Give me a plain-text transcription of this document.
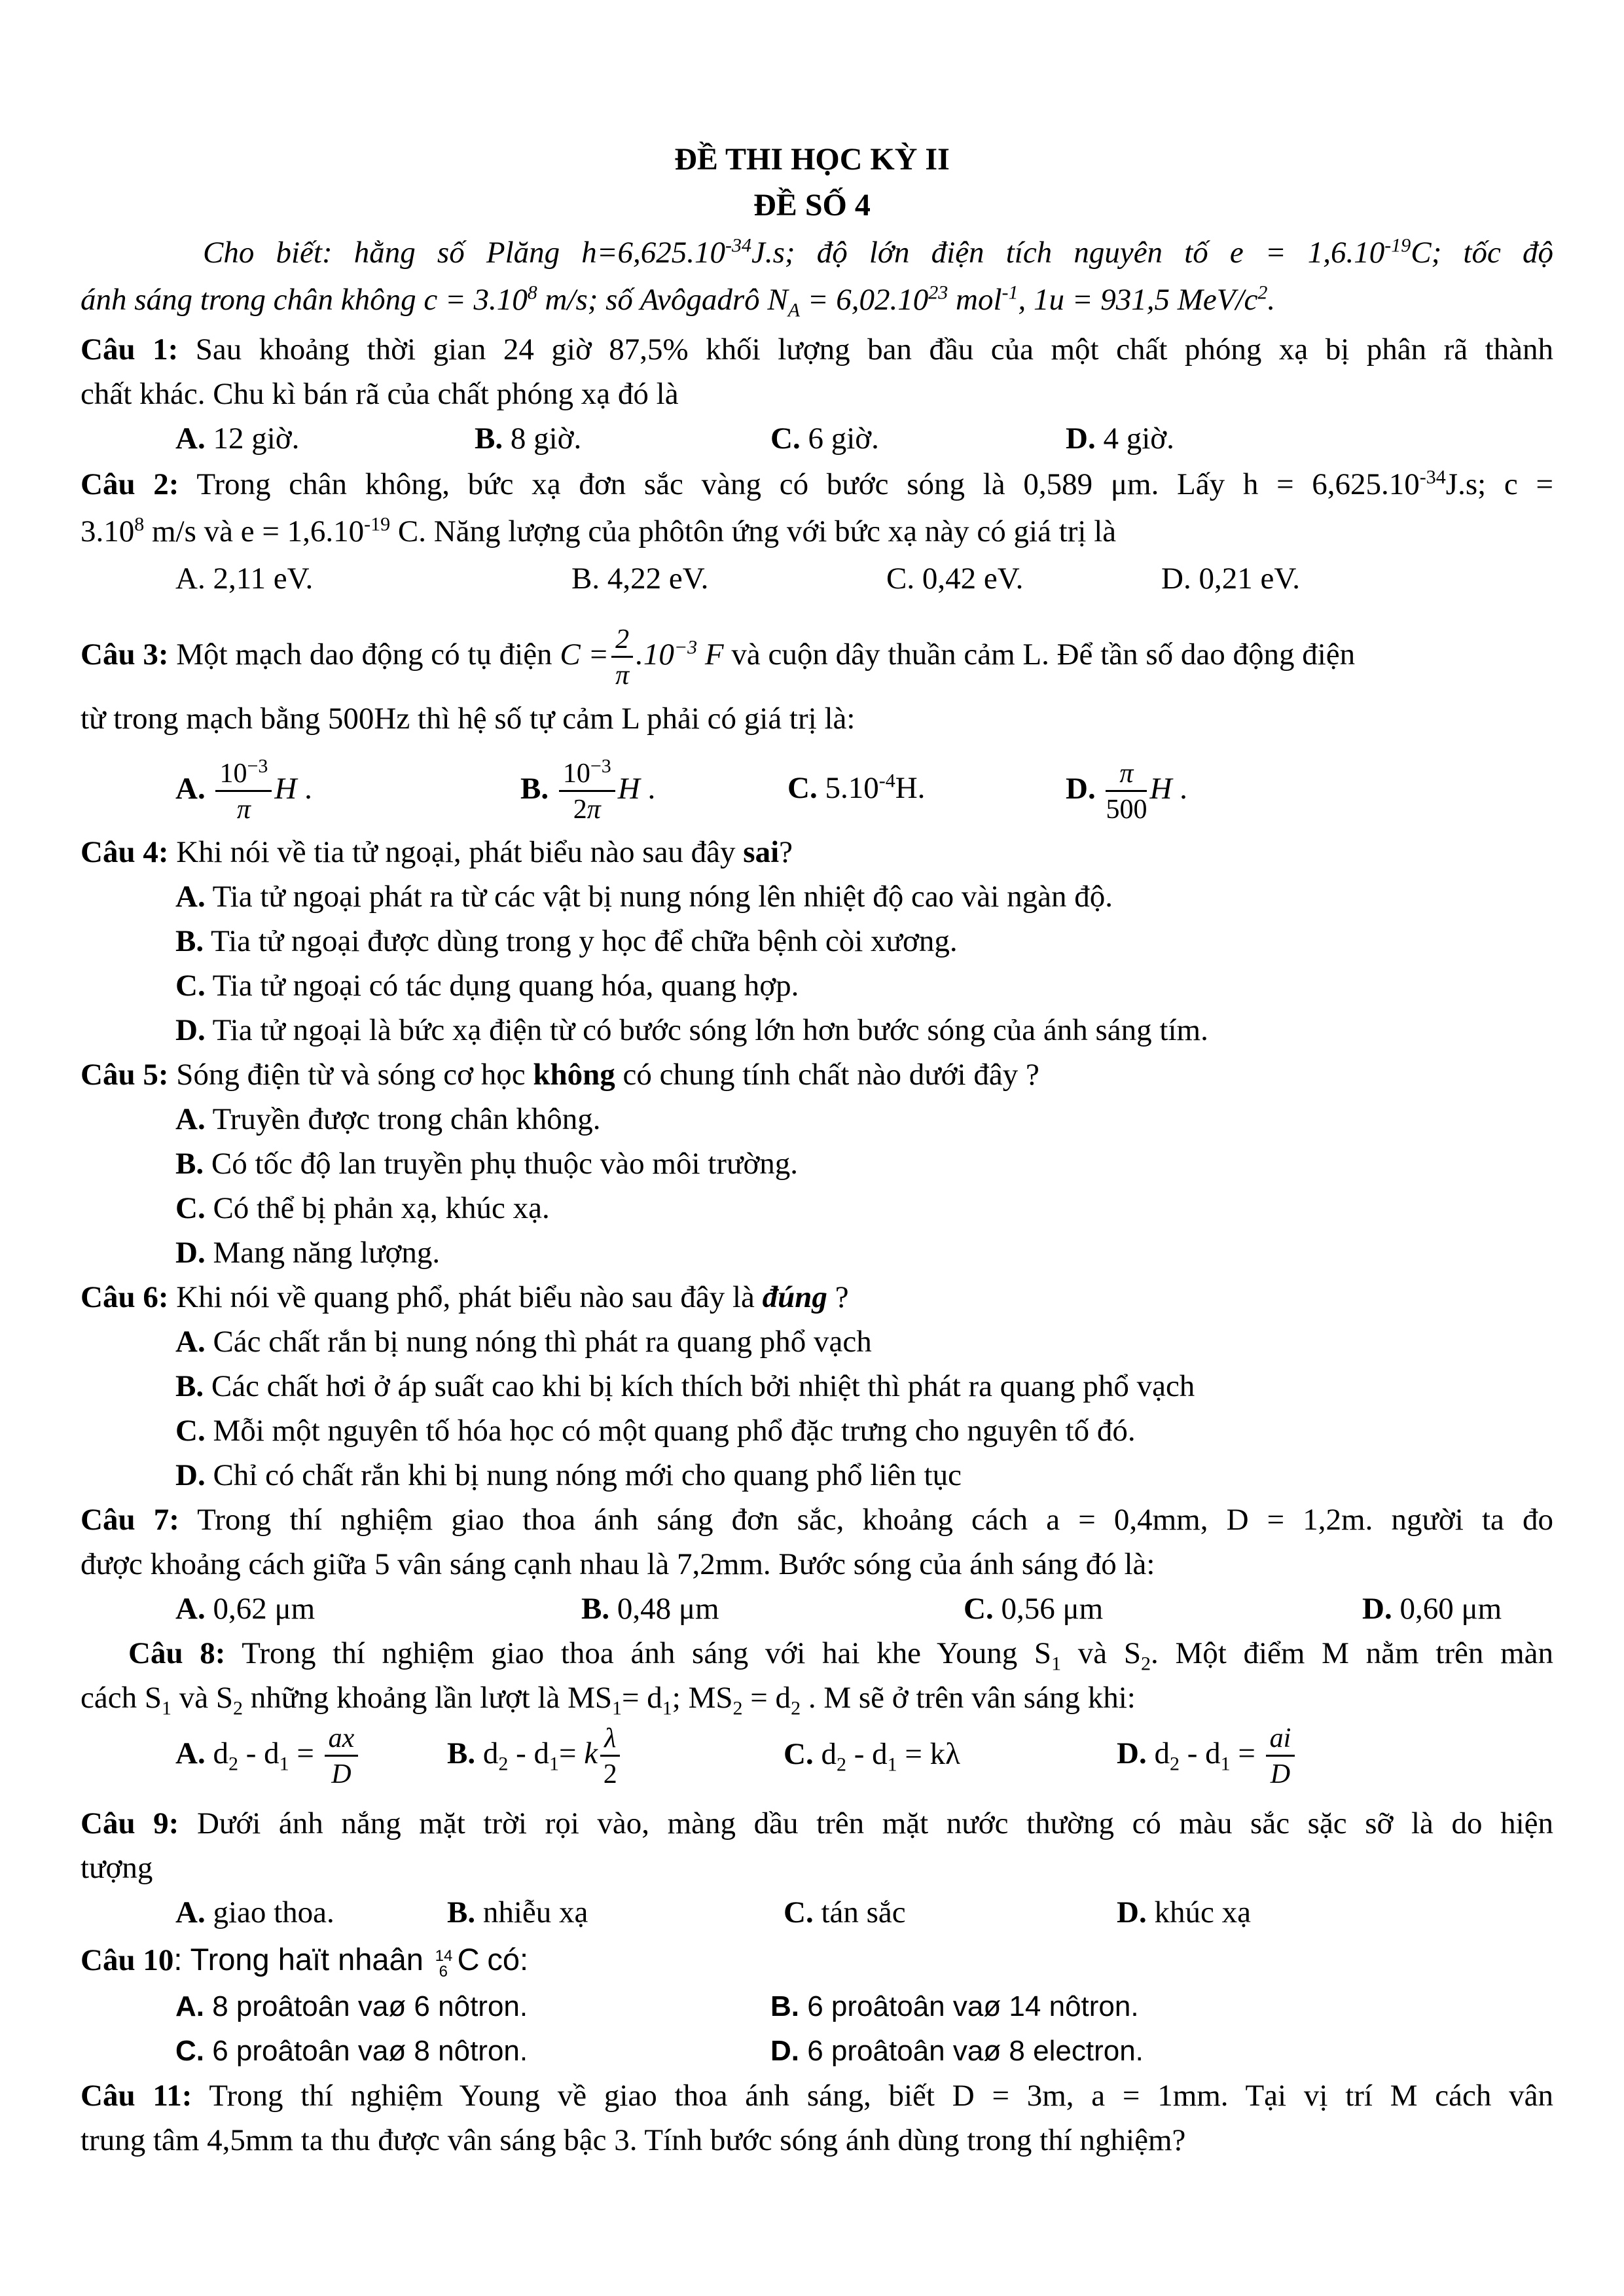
ĐỀ THI HỌC KỲ II
ĐỀ SỐ 4
Cho biết: hằng số Plăng $h=6,625.10^{-34}J.s$; độ lớn điện tích nguyên tố $e = 1,6.10^{-19}C$; tốc độ
ánh sáng trong chân không $c = 3.10^8$ m/s; số Avôgadrô $N_A = 6,02.10^{23}$ mol$^{-1}$, 1u = 931,5 MeV/$c^2$.
Câu 1: Sau khoảng thời gian 24 giờ 87,5% khối lượng ban đầu của một chất phóng xạ bị phân rã thành
chất khác. Chu kì bán rã của chất phóng xạ đó là
A. 12 giờ.	B. 8 giờ.	C. 6 giờ.	D. 4 giờ.
Câu 2: Trong chân không, bức xạ đơn sắc vàng có bước sóng là 0,589 μm. Lấy $h = 6,625.10^{-34}J.s$; c =
$3.10^8$ m/s và $e = 1,6.10^{-19}$ C. Năng lượng của phôtôn ứng với bức xạ này có giá trị là
A. 2,11 eV.	B. 4,22 eV.	C. 0,42 eV.	D. 0,21 eV.
Câu 3: Một mạch dao động có tụ điện $C = \frac{2}{\pi} .10^{-3}$ F và cuộn dây thuần cảm L. Để tần số dao động điện
từ trong mạch bằng 500Hz thì hệ số tự cảm L phải có giá trị là:
A. $\frac{10^{-3}}{\pi}$ H .	B. $\frac{10^{-3}}{2\pi}$ H .	C. $5.10^{-4}H$.	D. $\frac{\pi}{500}$ H .
Câu 4: Khi nói về tia tử ngoại, phát biểu nào sau đây sai?
A. Tia tử ngoại phát ra từ các vật bị nung nóng lên nhiệt độ cao vài ngàn độ.
B. Tia tử ngoại được dùng trong y học để chữa bệnh còi xương.
C. Tia tử ngoại có tác dụng quang hóa, quang hợp.
D. Tia tử ngoại là bức xạ điện từ có bước sóng lớn hơn bước sóng của ánh sáng tím.
Câu 5: Sóng điện từ và sóng cơ học không có chung tính chất nào dưới đây ?
A. Truyền được trong chân không.
B. Có tốc độ lan truyền phụ thuộc vào môi trường.
C. Có thể bị phản xạ, khúc xạ.
D. Mang năng lượng.
Câu 6: Khi nói về quang phổ, phát biểu nào sau đây là đúng ?
A. Các chất rắn bị nung nóng thì phát ra quang phổ vạch
B. Các chất hơi ở áp suất cao khi bị kích thích bởi nhiệt thì phát ra quang phổ vạch
C. Mỗi một nguyên tố hóa học có một quang phổ đặc trưng cho nguyên tố đó.
D. Chỉ có chất rắn khi bị nung nóng mới cho quang phổ liên tục
Câu 7: Trong thí nghiệm giao thoa ánh sáng đơn sắc, khoảng cách a = 0,4mm, D = 1,2m. người ta đo
được khoảng cách giữa 5 vân sáng cạnh nhau là 7,2mm. Bước sóng của ánh sáng đó là:
A. 0,62 μm	B. 0,48 μm	C. 0,56 μm	D. 0,60 μm
Câu 8: Trong thí nghiệm giao thoa ánh sáng với hai khe Young $S_1$ và $S_2$. Một điểm M nằm trên màn
cách $S_1$ và $S_2$ những khoảng lần lượt là $MS_1= d_1$; $MS_2 = d_2$ . M sẽ ở trên vân sáng khi:
A. $d_2 - d_1 = \frac{ax}{D}$	B. $d_2 - d_1= k \frac{\lambda}{2}$	C. $d_2 - d_1 = k\lambda$	D. $d_2 - d_1 = \frac{ai}{D}$
Câu 9: Dưới ánh nắng mặt trời rọi vào, màng dầu trên mặt nước thường có màu sắc sặc sỡ là do hiện
tượng
A. giao thoa.	B. nhiễu xạ	C. tán sắc	D. khúc xạ
Câu 10: Trong haït nhaân 14
6 C có:
A. 8 proâtoân vaø 6 nôtron.	B. 6 proâtoân vaø 14 nôtron.
C. 6 proâtoân vaø 8 nôtron.	D. 6 proâtoân vaø 8 electron.
Câu 11: Trong thí nghiệm Young về giao thoa ánh sáng, biết D = 3m, a = 1mm. Tại vị trí M cách vân
trung tâm 4,5mm ta thu được vân sáng bậc 3. Tính bước sóng ánh dùng trong thí nghiệm?
